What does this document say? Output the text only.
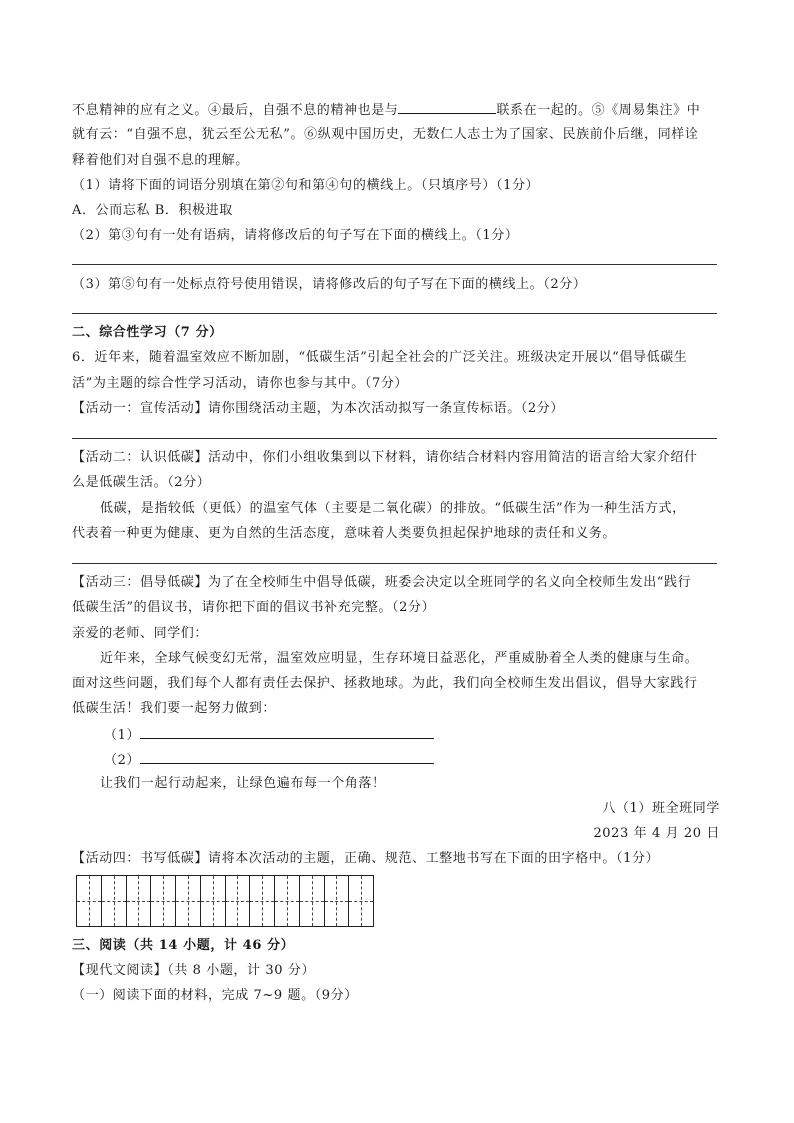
不息精神的应有之义。④最后，自强不息的精神也是与	联系在一起的。⑤《周易集注》中
就有云：“自强不息，犹云至公无私”。⑥纵观中国历史，无数仁人志士为了国家、民族前仆后继，同样诠
释着他们对自强不息的理解。
（1）请将下面的词语分别填在第②句和第④句的横线上。（只填序号）（1分）
A．公而忘私 B．积极进取
（2）第③句有一处有语病，请将修改后的句子写在下面的横线上。（1分）
（3）第⑤句有一处标点符号使用错误，请将修改后的句子写在下面的横线上。（2分）
二、综合性学习（7 分）
6．近年来，随着温室效应不断加剧，“低碳生活”引起全社会的广泛关注。班级决定开展以“倡导低碳生
活”为主题的综合性学习活动，请你也参与其中。（7分）
【活动一：宣传活动】请你围绕活动主题，为本次活动拟写一条宣传标语。（2分）
【活动二：认识低碳】活动中，你们小组收集到以下材料，请你结合材料内容用简洁的语言给大家介绍什
么是低碳生活。（2分）
低碳，是指较低（更低）的温室气体（主要是二氧化碳）的排放。“低碳生活”作为一种生活方式，
代表着一种更为健康、更为自然的生活态度，意味着人类要负担起保护地球的责任和义务。
【活动三：倡导低碳】为了在全校师生中倡导低碳，班委会决定以全班同学的名义向全校师生发出“践行
低碳生活”的倡议书，请你把下面的倡议书补充完整。（2分）
亲爱的老师、同学们：
近年来，全球气候变幻无常，温室效应明显，生存环境日益恶化，严重威胁着全人类的健康与生命。
面对这些问题，我们每个人都有责任去保护、拯救地球。为此，我们向全校师生发出倡议，倡导大家践行
低碳生活！我们要一起努力做到：
（1）
（2）
让我们一起行动起来，让绿色遍布每一个角落！
八（1）班全班同学
2023 年 4 月 20 日
【活动四：书写低碳】请将本次活动的主题，正确、规范、工整地书写在下面的田字格中。（1分）
三、阅读（共 14 小题，计 46 分）
【现代文阅读】（共 8 小题，计 30 分）
（一）阅读下面的材料，完成 7~9 题。（9分）
